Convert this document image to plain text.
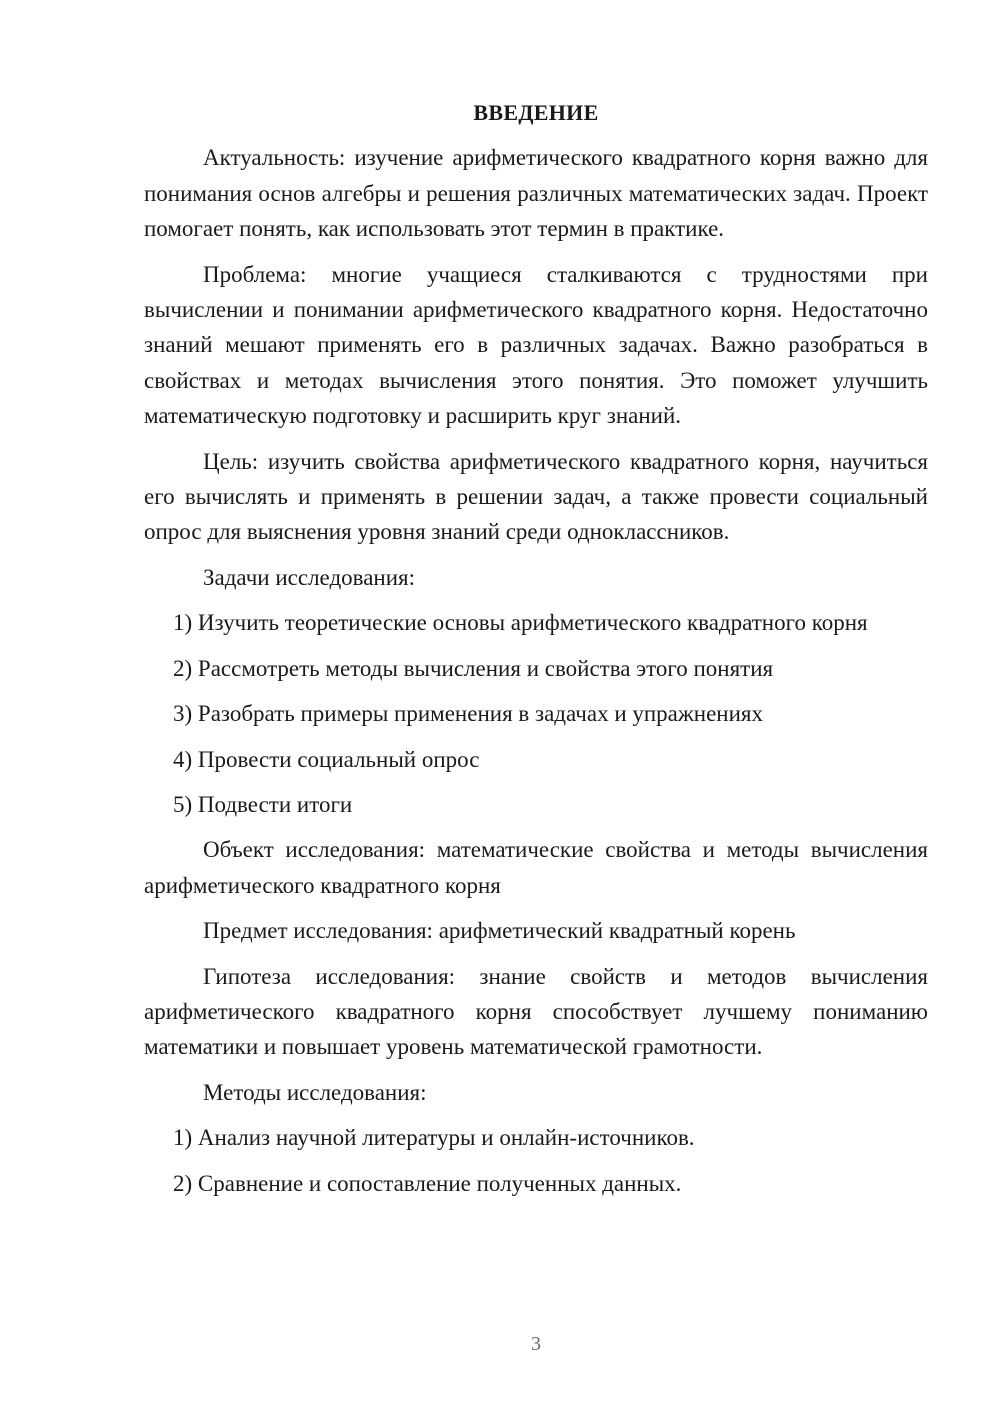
ВВЕДЕНИЕ

Актуальность: изучение арифметического квадратного корня важно для понимания основ алгебры и решения различных математических задач. Проект помогает понять, как использовать этот термин в практике.

Проблема: многие учащиеся сталкиваются с трудностями при вычислении и понимании арифметического квадратного корня. Недостаточно знаний мешают применять его в различных задачах. Важно разобраться в свойствах и методах вычисления этого понятия. Это поможет улучшить математическую подготовку и расширить круг знаний.

Цель: изучить свойства арифметического квадратного корня, научиться его вычислять и применять в решении задач, а также провести социальный опрос для выяснения уровня знаний среди одноклассников.

Задачи исследования:

1) Изучить теоретические основы арифметического квадратного корня

2) Рассмотреть методы вычисления и свойства этого понятия

3) Разобрать примеры применения в задачах и упражнениях

4) Провести социальный опрос

5) Подвести итоги

Объект исследования: математические свойства и методы вычисления арифметического квадратного корня

Предмет исследования: арифметический квадратный корень

Гипотеза исследования: знание свойств и методов вычисления арифметического квадратного корня способствует лучшему пониманию математики и повышает уровень математической грамотности.

Методы исследования:

1) Анализ научной литературы и онлайн-источников.

2) Сравнение и сопоставление полученных данных.

3
